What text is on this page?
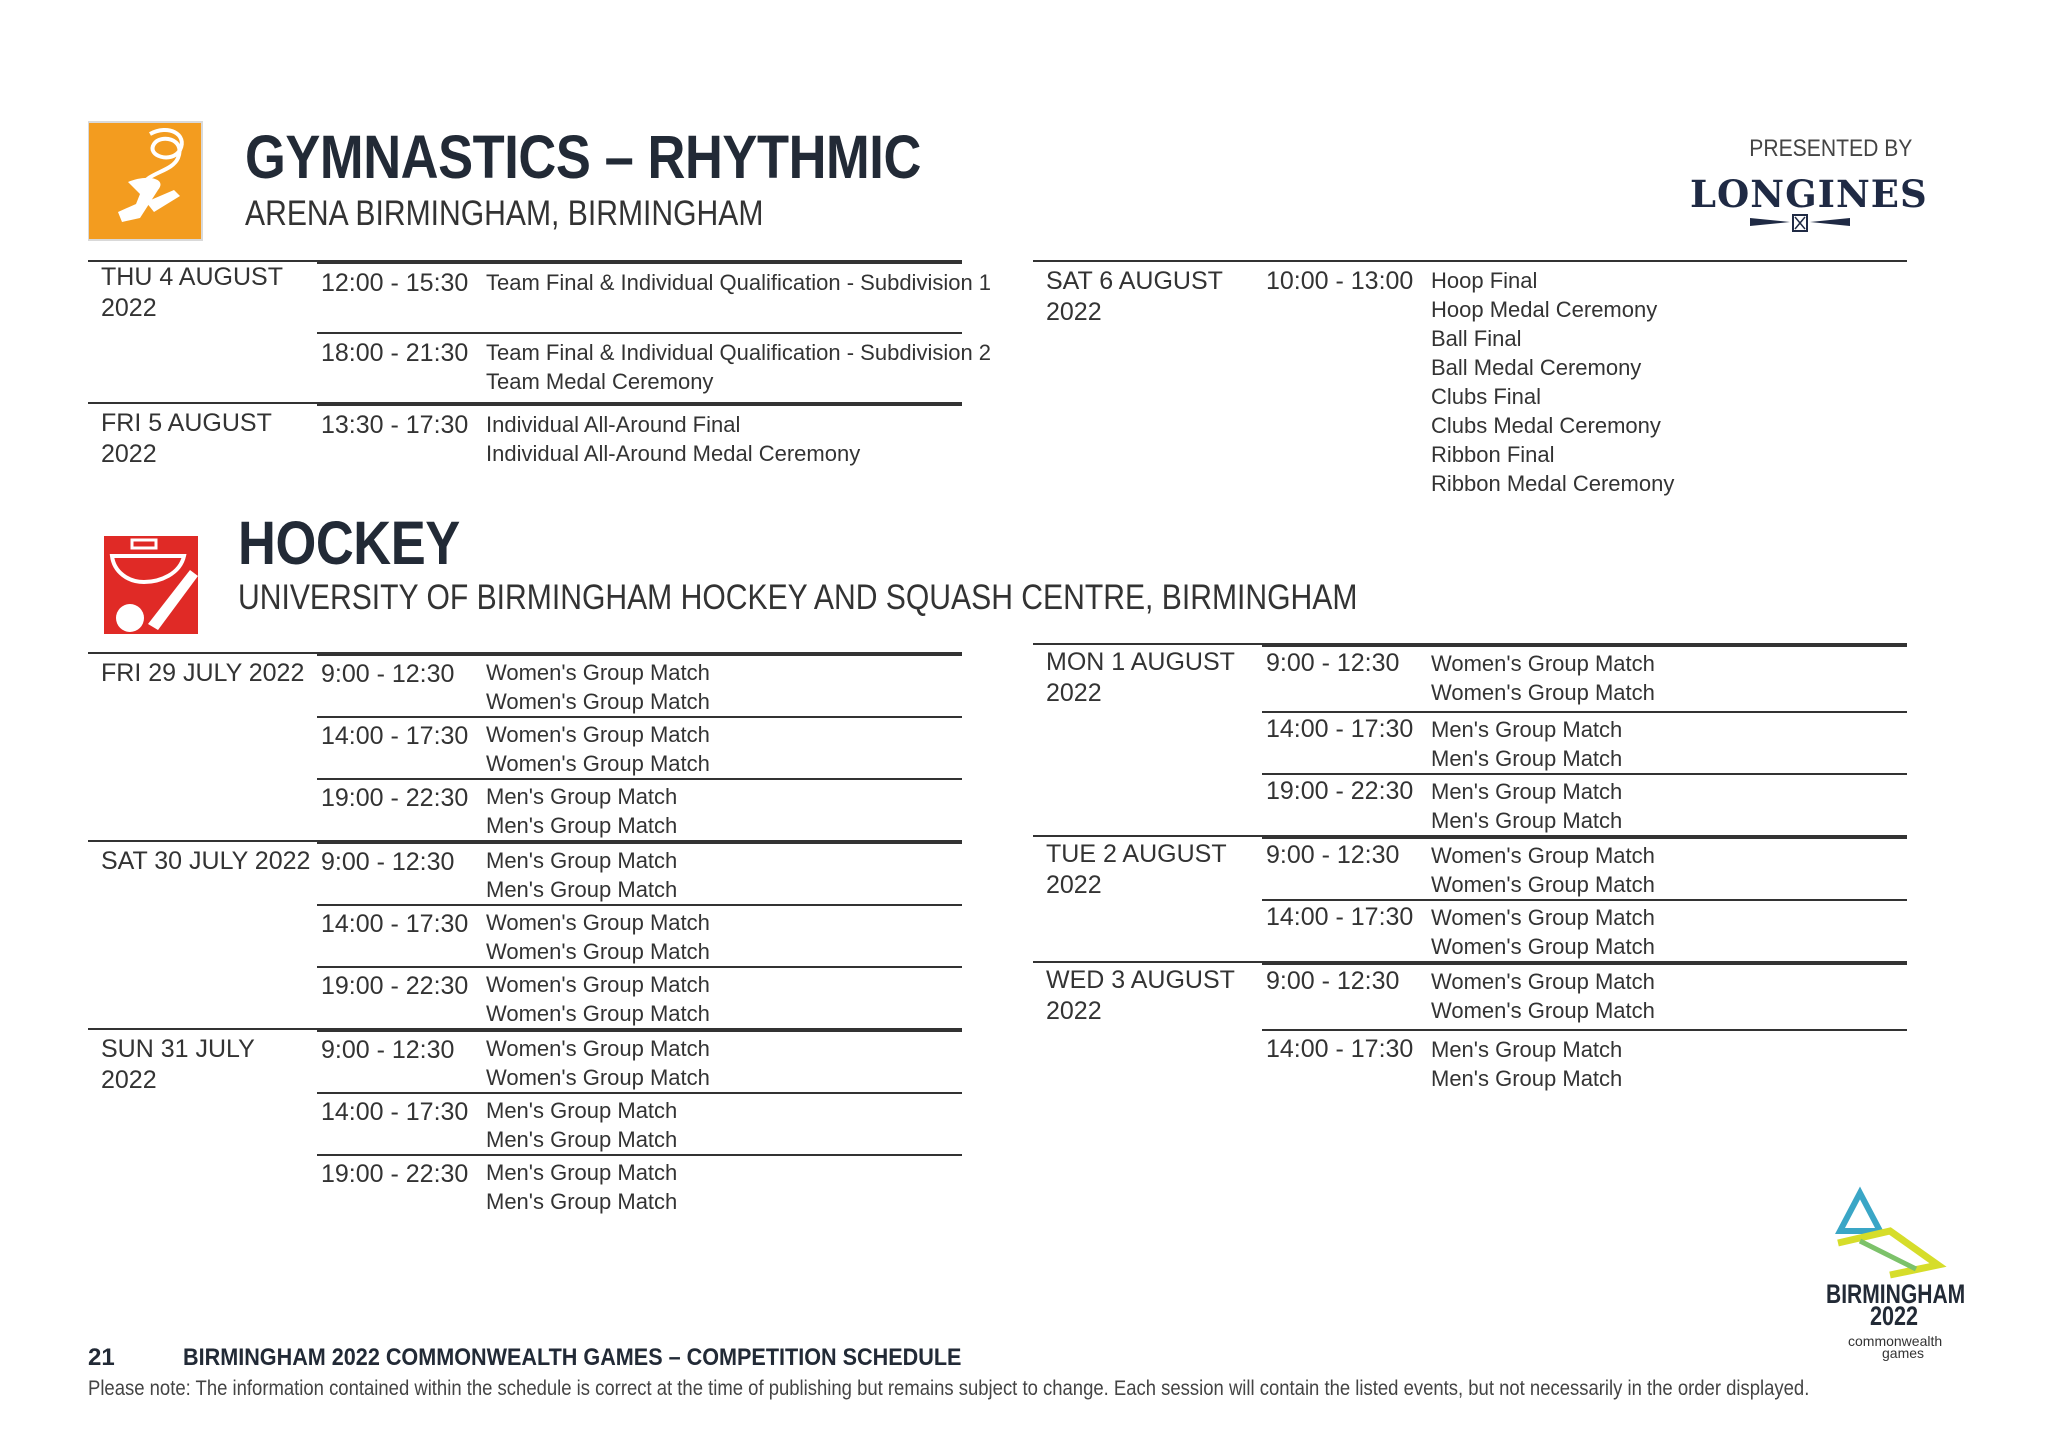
GYMNASTICS – RHYTHMIC
ARENA BIRMINGHAM, BIRMINGHAM
PRESENTED BY
LONGINES
THU 4 AUGUST
2022
12:00 - 15:30 Team Final & Individual Qualification - Subdivision 1
18:00 - 21:30 Team Final & Individual Qualification - Subdivision 2
Team Medal Ceremony
FRI 5 AUGUST 2022
13:30 - 17:30 Individual All-Around Final
Individual All-Around Medal Ceremony
SAT 6 AUGUST 2022
10:00 - 13:00 Hoop Final
Hoop Medal Ceremony
Ball Final
Ball Medal Ceremony
Clubs Final
Clubs Medal Ceremony
Ribbon Final
Ribbon Medal Ceremony
HOCKEY
UNIVERSITY OF BIRMINGHAM HOCKEY AND SQUASH CENTRE, BIRMINGHAM
FRI 29 JULY 2022 9:00 - 12:30	Women's Group Match
Women's Group Match
14:00 - 17:30 Women's Group Match
Women's Group Match
19:00 - 22:30 Men's Group Match
Men's Group Match
SAT 30 JULY 2022 9:00 - 12:30	Men's Group Match
Men's Group Match
14:00 - 17:30 Women's Group Match
Women's Group Match
19:00 - 22:30 Women's Group Match
Women's Group Match
SUN 31 JULY 2022
9:00 - 12:30	Women's Group Match
Women's Group Match
14:00 - 17:30 Men's Group Match
Men's Group Match
19:00 - 22:30 Men's Group Match
Men's Group Match
MON 1 AUGUST
2022
9:00 - 12:30	Women's Group Match
Women's Group Match
14:00 - 17:30 Men's Group Match
Men's Group Match
19:00 - 22:30 Men's Group Match
Men's Group Match
TUE 2 AUGUST 2022
9:00 - 12:30	Women's Group Match
Women's Group Match
14:00 - 17:30 Women's Group Match
Women's Group Match
WED 3 AUGUST
2022
9:00 - 12:30	Women's Group Match
Women's Group Match
14:00 - 17:30 Men's Group Match
Men's Group Match
BIRMINGHAM
2022
commonwealth
games
21	BIRMINGHAM 2022 COMMONWEALTH GAMES – COMPETITION SCHEDULE
Please note: The information contained within the schedule is correct at the time of publishing but remains subject to change. Each session will contain the listed events, but not necessarily in the order displayed.
